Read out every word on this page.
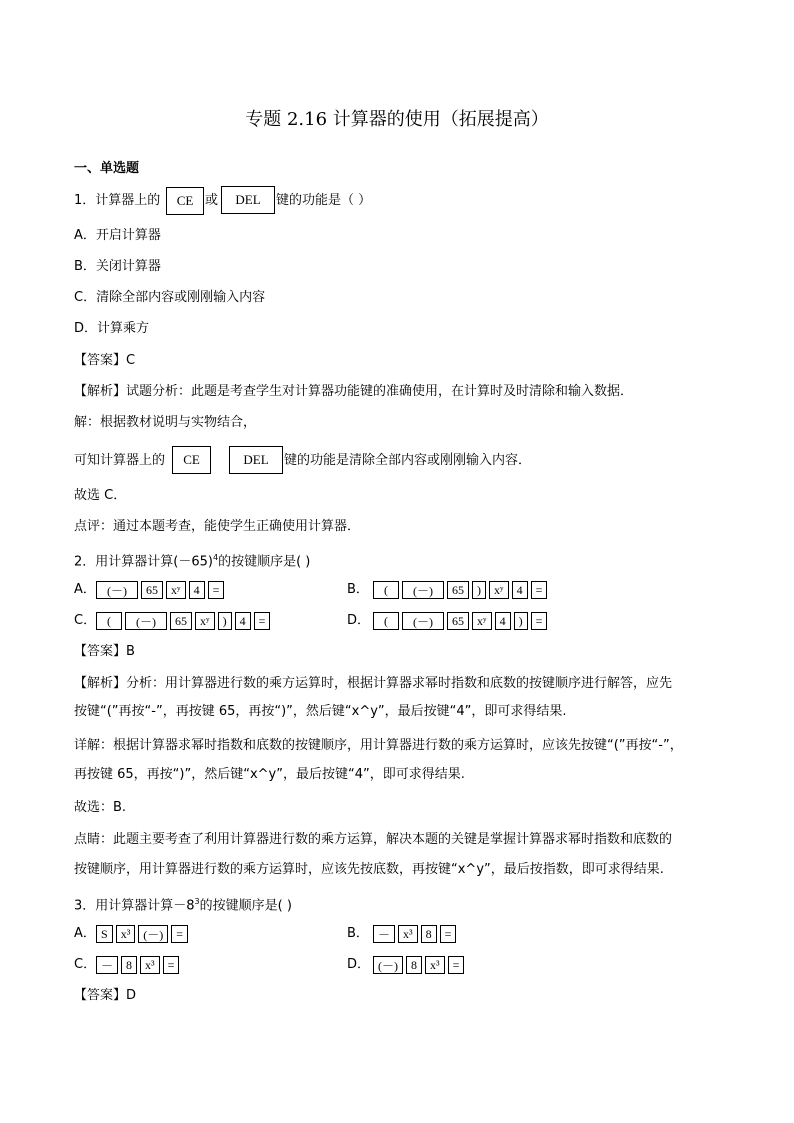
专题 2.16 计算器的使用（拓展提高）
一、单选题
1．计算器上的	CE 或	DEL	键的功能是（ ）
A．开启计算器
B．关闭计算器
C．清除全部内容或刚刚输入内容
D．计算乘方
【答案】C
【解析】试题分析：此题是考查学生对计算器功能键的准确使用，在计算时及时清除和输入数据．
解：根据教材说明与实物结合，
可知计算器上的	CE	DEL	键的功能是清除全部内容或刚刚输入内容．
故选 C．
点评：通过本题考查，能使学生正确使用计算器．
2．用计算器计算$(-65)^4$的按键顺序是( )
A． (－)	65	xʸ	4	=	B．	(	(－)	65	)	xʸ	4	=
C． (	(－)	65	xʸ	)	4	=	D．	(	(－)	65	xʸ	4	)	=
【答案】B
【解析】分析：用计算器进行数的乘方运算时，根据计算器求幂时指数和底数的按键顺序进行解答，应先
按键“(”再按“-”，再按键 65，再按“)”，然后键“x^y”，最后按键“4”，即可求得结果.
详解：根据计算器求幂时指数和底数的按键顺序，用计算器进行数的乘方运算时，应该先按键“(”再按“-”，
再按键 65，再按“)”，然后键“x^y”，最后按键“4”，即可求得结果.
故选：B.
点睛：此题主要考查了利用计算器进行数的乘方运算，解决本题的关键是掌握计算器求幂时指数和底数的
按键顺序，用计算器进行数的乘方运算时，应该先按底数，再按键“x^y”，最后按指数，即可求得结果.
3．用计算器计算$-8^3$的按键顺序是( )
A． S	x³	(－)	=	B． －	x³	8	=
C． －	8	x³	=	D． (－)	8	x³	=
【答案】D
